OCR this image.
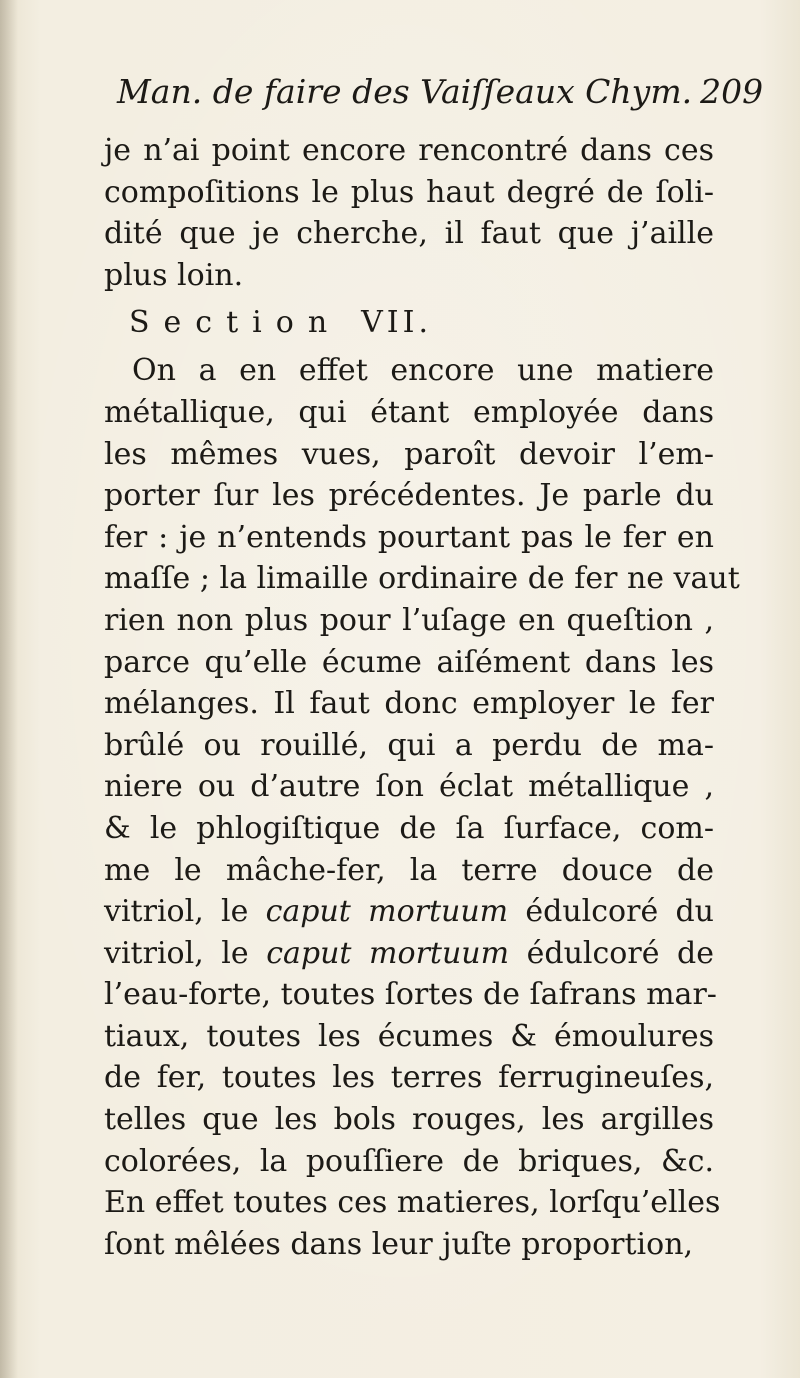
Man. de faire des Vaiſſeaux Chym. 209
je n’ai point encore rencontré dans ces
compoſitions le plus haut degré de ſoli-
dité que je cherche, il faut que j’aille
plus loin.
Section VII.
On a en effet encore une matiere
métallique, qui étant employée dans
les mêmes vues, paroît devoir l’em-
porter ſur les précédentes. Je parle du
fer : je n’entends pourtant pas le fer en
maſſe ; la limaille ordinaire de fer ne vaut
rien non plus pour l’uſage en queſtion ,
parce qu’elle écume aiſément dans les
mélanges. Il faut donc employer le fer
brûlé ou rouillé, qui a perdu de ma-
niere ou d’autre ſon éclat métallique ,
& le phlogiſtique de ſa ſurface, com-
me le mâche-fer, la terre douce de
vitriol, le caput mortuum édulcoré du
vitriol, le caput mortuum édulcoré de
l’eau-forte, toutes ſortes de ſafrans mar-
tiaux, toutes les écumes & émoulures
de fer, toutes les terres ferrugineuſes,
telles que les bols rouges, les argilles
colorées, la pouſſiere de briques, &c.
En effet toutes ces matieres, lorſqu’elles
ſont mêlées dans leur juſte proportion,
